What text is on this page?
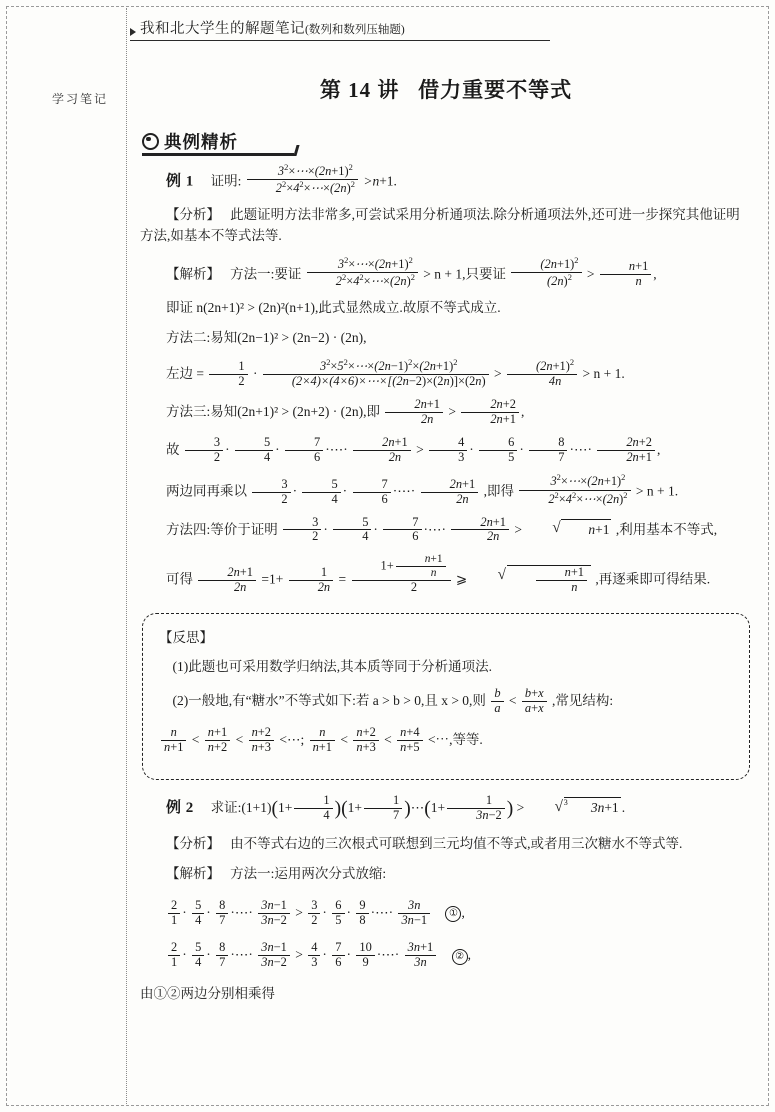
我和北大学生的解题笔记 (数列和数列压轴题)
学习笔记	第 14 讲 借力重要不等式
典例精析

例 1 证明: $\frac{3^2\times\cdots\times(2n+1)^2}{2^2\times 4^2\times\cdots\times(2n)^2} >n+1$.

【分析】 此题证明方法非常多,可尝试采用分析通项法.除分析通项法外,还可进一步探究其他证明方法,如基本不等式法等.

【解析】 方法一:要证 $\frac{3^2\times\cdots\times(2n+1)^2}{2^2\times 4^2\times\cdots\times(2n)^2} > n + 1$,只要证 $\frac{(2n+1)^2}{(2n)^2} > \frac{n+1}{n}$ ,

即证 n(2n+1)² > (2n)²(n+1),此式显然成立.故原不等式成立.

方法二:易知(2n−1)² > (2n−2) · (2n),

左边 = $\frac{1}{2} \cdot \frac{3^2\times 5^2\times\cdots\times(2n-1)^2\times(2n+1)^2}{(2\times 4)\times(4\times 6)\times\cdots\times[(2n-2)\times(2n)]\times(2n)} > \frac{(2n+1)^2}{4n} > n + 1$.

方法三:易知(2n+1)² > (2n+2) · (2n),即 $\frac{2n+1}{2n} > \frac{2n+2}{2n+1}$ ,

故 $\frac{3}{2} \cdot \frac{5}{4} \cdot \frac{7}{6}$ ·⋯· $\frac{2n+1}{2n} > \frac{4}{3} \cdot \frac{6}{5} \cdot \frac{8}{7}$ ·⋯· $\frac{2n+2}{2n+1}$ ,

两边同再乘以 $\frac{3}{2} \cdot \frac{5}{4} \cdot \frac{7}{6}$ ·⋯· $\frac{2n+1}{2n}$ ,即得 $\frac{3^2\times\cdots\times(2n+1)^2}{2^2\times 4^2\times\cdots\times(2n)^2} > n + 1$.

方法四:等价于证明 $\frac{3}{2} \cdot \frac{5}{4} \cdot \frac{7}{6}$ ·⋯· $\frac{2n+1}{2n}$ >	√ n+1 ,利用基本不等式,

可得 $\frac{2n+1}{2n} =1+ \frac{1}{2n} = \frac{1+ \frac{n+1}{n}}{2}$ ⩾	√ $\frac{n+1}{n}$ ,再逐乘即可得结果.

【反思】

(1)此题也可采用数学归纳法,其本质等同于分析通项法.

(2)一般地,有“糖水”不等式如下:若 a > b > 0,且 x > 0,则 $\frac{b}{a} < \frac{b+x}{a+x}$ ,常见结构:

$\frac{n}{n+1} < \frac{n+1}{n+2} < \frac{n+2}{n+3}$ <⋯; $\frac{n}{n+1} < \frac{n+2}{n+3} < \frac{n+4}{n+5}$ <⋯,等等.

例 2 求证:(1+1)(1+ $\frac{1}{4} )(1+ \frac{1}{7}$ )⋯(1+ $\frac{1}{3n-2}$ ) >	√ $^3$ 3n+1 .

【分析】 由不等式右边的三次根式可联想到三元均值不等式,或者用三次糖水不等式等.

【解析】 方法一:运用两次分式放缩:

$\frac{2}{1} \cdot \frac{5}{4} \cdot \frac{8}{7}$ ·⋯· $\frac{3n-1}{3n-2} > \frac{3}{2} \cdot \frac{6}{5} \cdot \frac{9}{8}$ ·⋯· $\frac{3n}{3n-1}$ ① ,
$\frac{2}{1} \cdot \frac{5}{4} \cdot \frac{8}{7}$ ·⋯· $\frac{3n-1}{3n-2} > \frac{4}{3} \cdot \frac{7}{6} \cdot \frac{10}{9}$ ·⋯· $\frac{3n+1}{3n}$ ② ,

由①②两边分别相乘得
